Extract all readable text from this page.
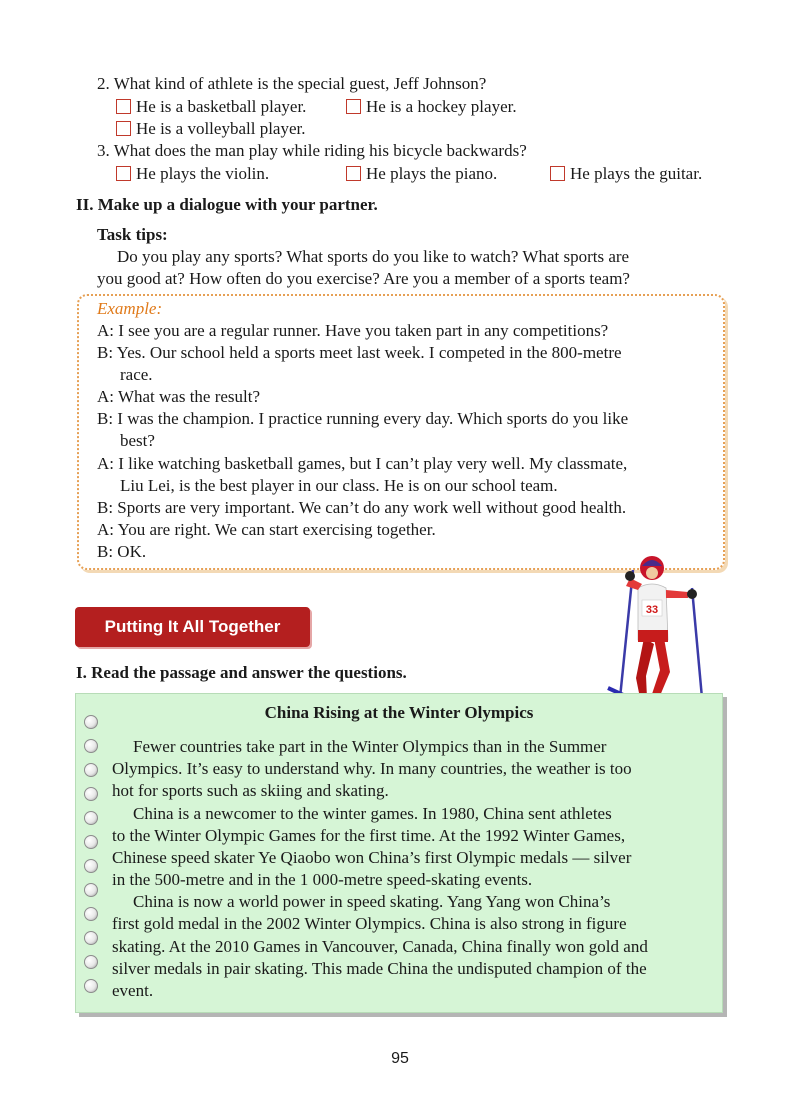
2. What kind of athlete is the special guest, Jeff Johnson?
He is a basketball player.	He is a hockey player.
He is a volleyball player.
3. What does the man play while riding his bicycle backwards?
He plays the violin.	He plays the piano.	He plays the guitar.
II. Make up a dialogue with your partner.
Task tips:
Do you play any sports? What sports do you like to watch? What sports are
you good at? How often do you exercise? Are you a member of a sports team?
Example:
A: I see you are a regular runner. Have you taken part in any competitions?
B: Yes. Our school held a sports meet last week. I competed in the 800-metre
race.
A: What was the result?
B: I was the champion. I practice running every day. Which sports do you like
best?
A: I like watching basketball games, but I can’t play very well. My classmate,
Liu Lei, is the best player in our class. He is on our school team.
B: Sports are very important. We can’t do any work well without good health.
A: You are right. We can start exercising together.
B: OK.
Putting It All Together
33
I. Read the passage and answer the questions.
China Rising at the Winter Olympics
Fewer countries take part in the Winter Olympics than in the Summer
Olympics. It’s easy to understand why. In many countries, the weather is too
hot for sports such as skiing and skating.
China is a newcomer to the winter games. In 1980, China sent athletes
to the Winter Olympic Games for the first time. At the 1992 Winter Games,
Chinese speed skater Ye Qiaobo won China’s first Olympic medals — silver
in the 500-metre and in the 1 000-metre speed-skating events.
China is now a world power in speed skating. Yang Yang won China’s
first gold medal in the 2002 Winter Olympics. China is also strong in figure
skating. At the 2010 Games in Vancouver, Canada, China finally won gold and
silver medals in pair skating. This made China the undisputed champion of the
event.
95
